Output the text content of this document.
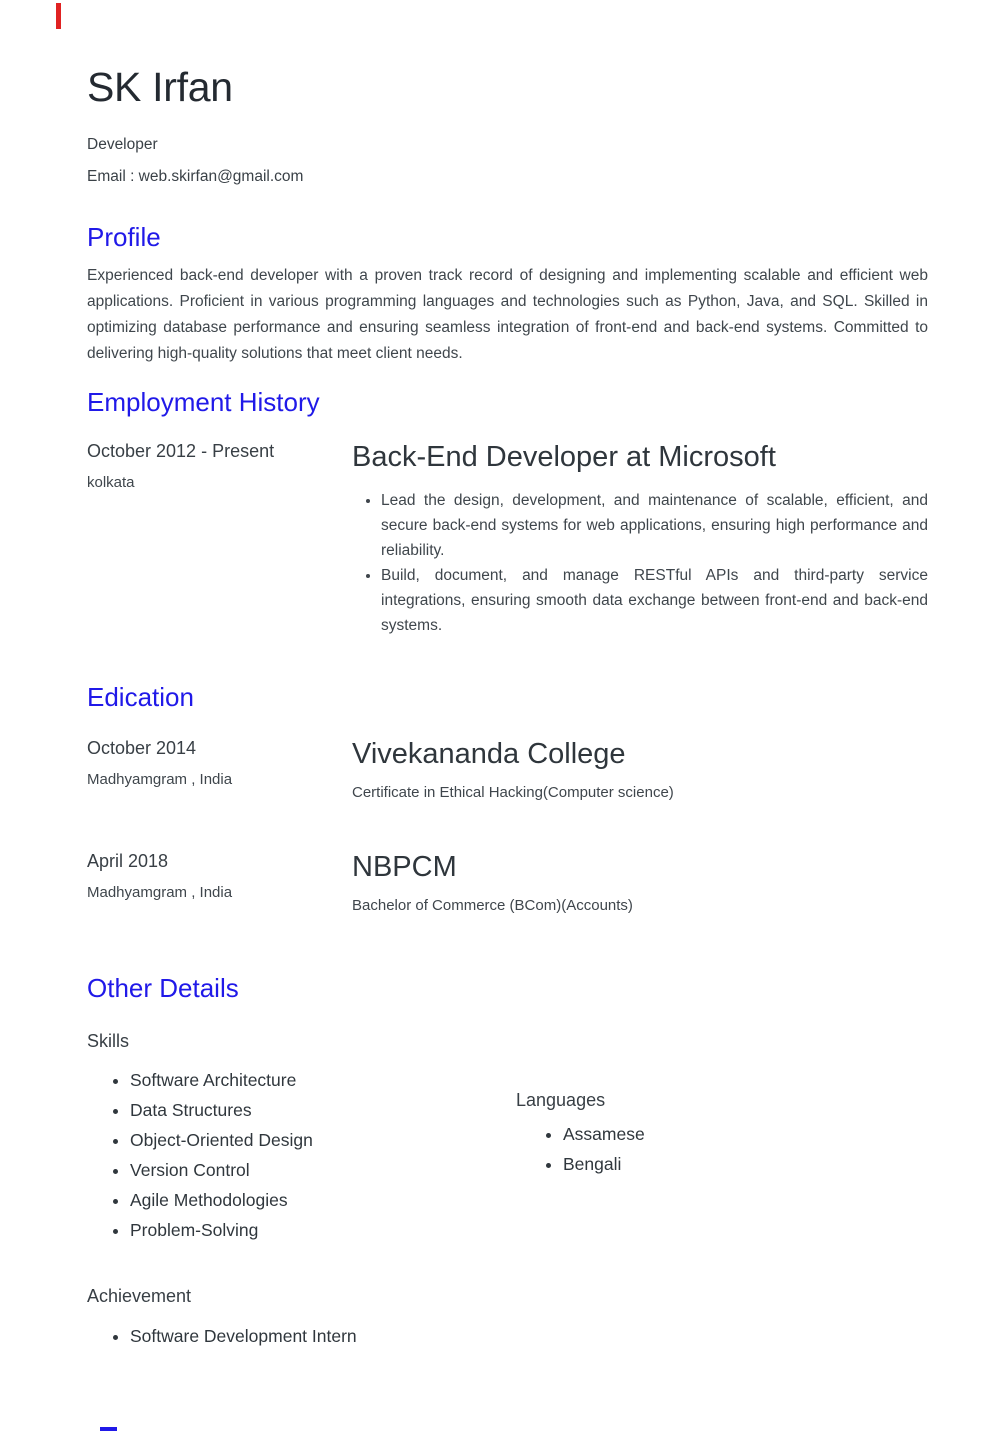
SK Irfan
Developer
Email : web.skirfan@gmail.com
Profile

Experienced back-end developer with a proven track record of designing and implementing scalable and efficient web applications. Proficient in various programming languages and technologies such as Python, Java, and SQL. Skilled in optimizing database performance and ensuring seamless integration of front-end and back-end systems. Committed to delivering high-quality solutions that meet client needs.

Employment History
October 2012 - Present
kolkata
Back-End Developer at Microsoft
• Lead the design, development, and maintenance of scalable, efficient, and secure back-end systems for web applications, ensuring high performance and reliability.
• Build, document, and manage RESTful APIs and third-party service integrations, ensuring smooth data exchange between front-end and back-end systems.
Edication
October 2014
Madhyamgram , India
Vivekananda College
Certificate in Ethical Hacking(Computer science)
April 2018
Madhyamgram , India
NBPCM
Bachelor of Commerce (BCom)(Accounts)
Other Details
Skills
• Software Architecture
• Data Structures
• Object-Oriented Design
• Version Control
• Agile Methodologies
• Problem-Solving
Languages
• Assamese
• Bengali
Achievement
• Software Development Intern
